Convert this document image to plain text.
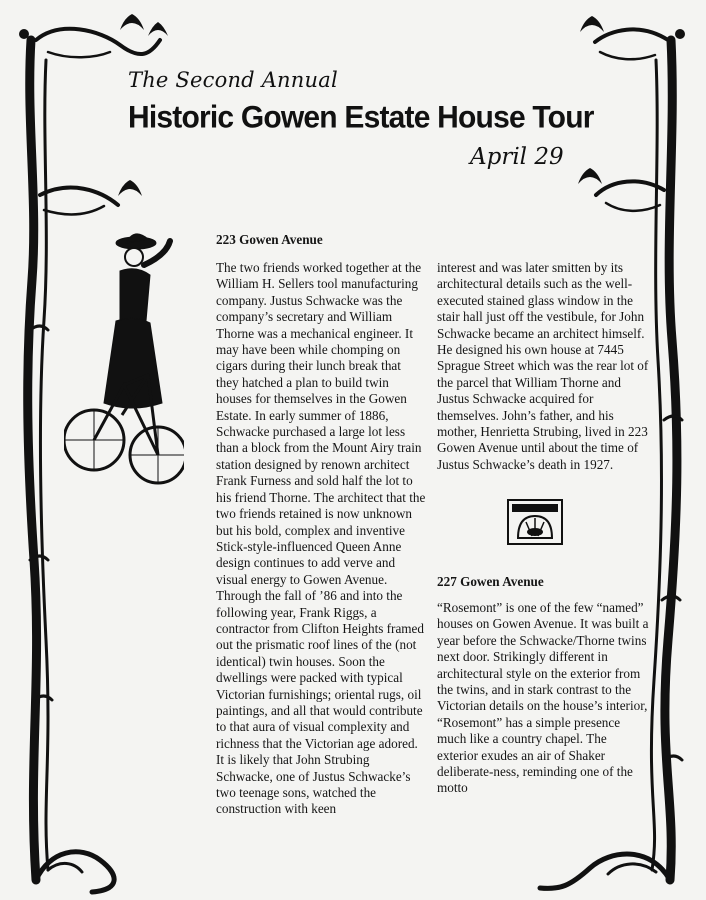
The Second Annual
Historic Gowen Estate House Tour
April 29
223 Gowen Avenue

The two friends worked together at the William H. Sellers tool manufacturing company. Justus Schwacke was the company’s secretary and William Thorne was a mechanical engineer. It may have been while chomping on cigars during their lunch break that they hatched a plan to build twin houses for themselves in the Gowen Estate. In early summer of 1886, Schwacke purchased a large lot less than a block from the Mount Airy train station designed by renown architect Frank Furness and sold half the lot to his friend Thorne. The architect that the two friends retained is now unknown but his bold, complex and inventive Stick-style-influenced Queen Anne design continues to add verve and visual energy to Gowen Avenue. Through the fall of ’86 and into the following year, Frank Riggs, a contractor from Clifton Heights framed out the prismatic roof lines of the (not identical) twin houses. Soon the dwellings were packed with typical Victorian furnishings; oriental rugs, oil paintings, and all that would contribute to that aura of visual complexity and richness that the Victorian age adored. It is likely that John Strubing Schwacke, one of Justus Schwacke’s two teenage sons, watched the construction with keen

interest and was later smitten by its architectural details such as the well-executed stained glass window in the stair hall just off the vestibule, for John Schwacke became an architect himself. He designed his own house at 7445 Sprague Street which was the rear lot of the parcel that William Thorne and Justus Schwacke acquired for themselves. John’s father, and his mother, Henrietta Strubing, lived in 223 Gowen Avenue until about the time of Justus Schwacke’s death in 1927.

227 Gowen Avenue

“Rosemont” is one of the few “named” houses on Gowen Avenue. It was built a year before the Schwacke/Thorne twins next door. Strikingly different in architectural style on the exterior from the twins, and in stark contrast to the Victorian details on the house’s interior, “Rosemont” has a simple presence much like a country chapel. The exterior exudes an air of Shaker deliberate-ness, reminding one of the motto
